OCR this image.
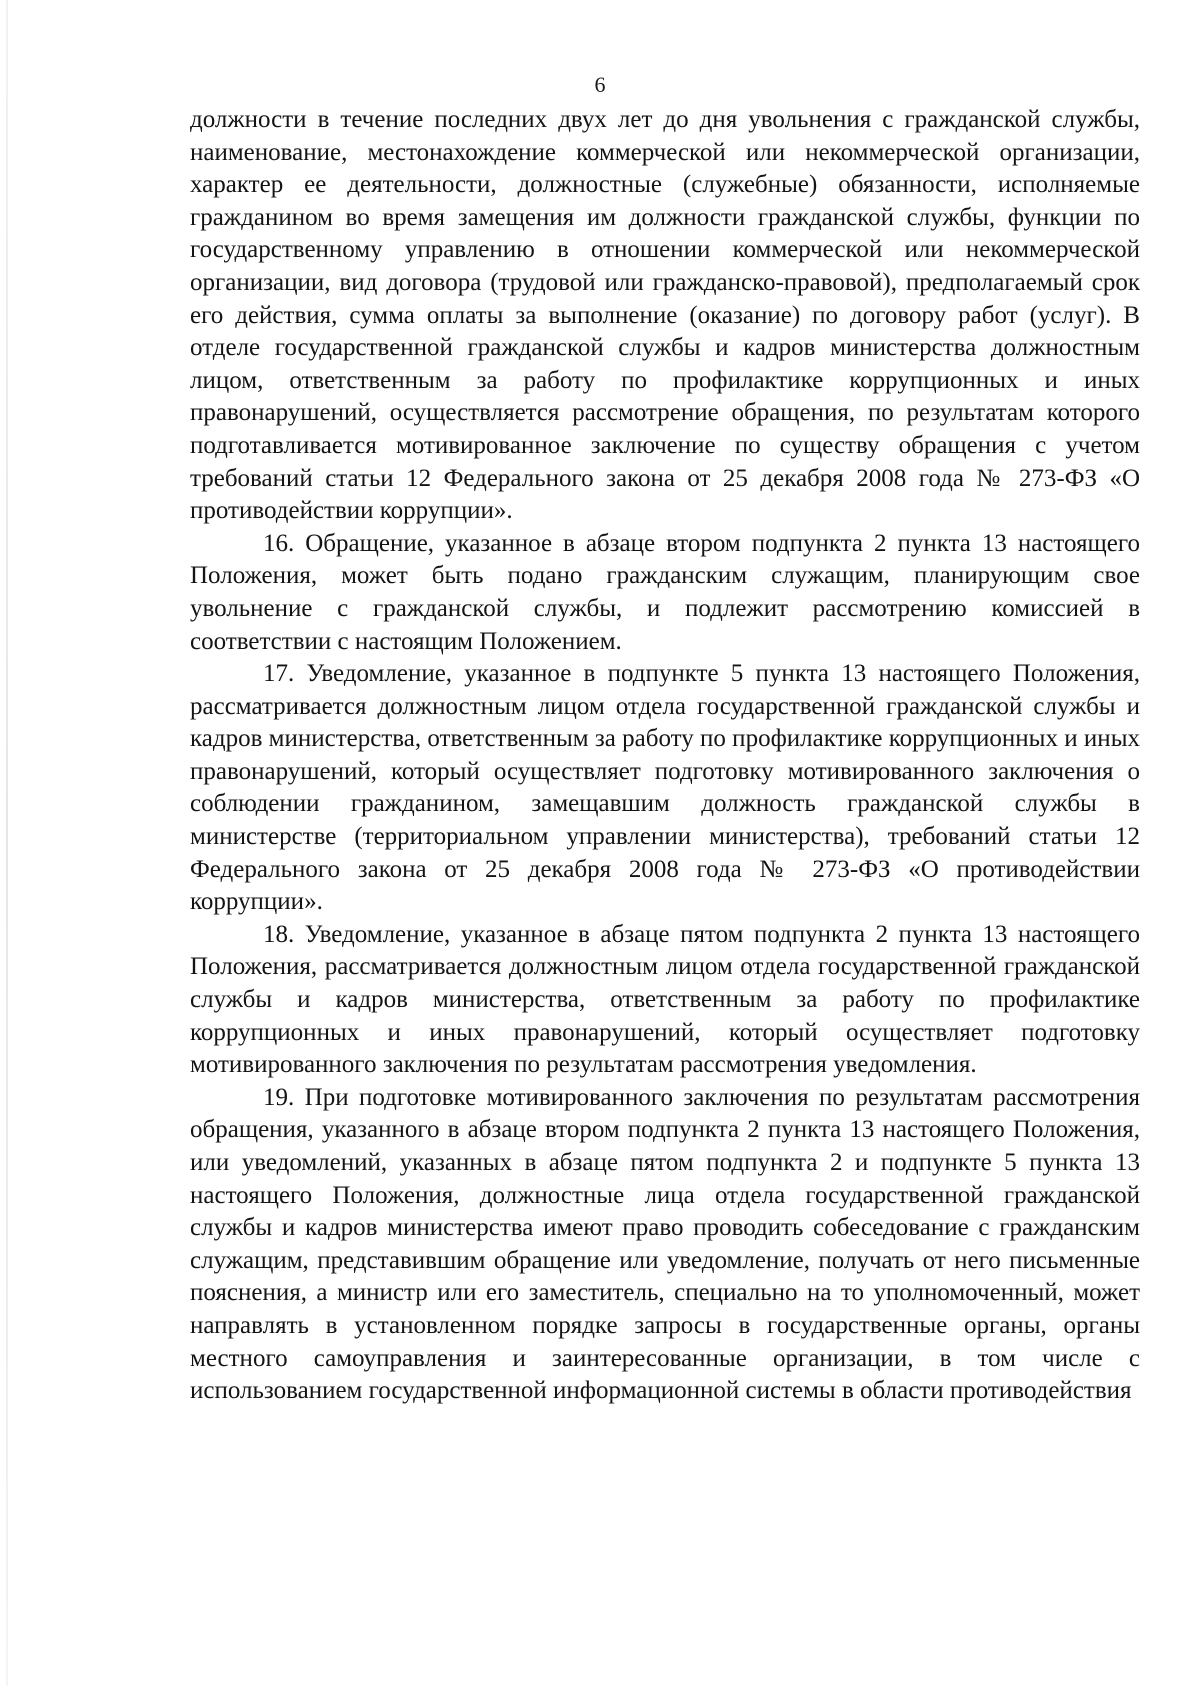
6

должности в течение последних двух лет до дня увольнения с гражданской службы, наименование, местонахождение коммерческой или некоммерческой организации, характер ее деятельности, должностные (служебные) обязанности, исполняемые гражданином во время замещения им должности гражданской службы, функции по государственному управлению в отношении коммерческой или некоммерческой организации, вид договора (трудовой или гражданско-правовой), предполагаемый срок его действия, сумма оплаты за выполнение (оказание) по договору работ (услуг). В отделе государственной гражданской службы и кадров министерства должностным лицом, ответственным за работу по профилактике коррупционных и иных правонарушений, осуществляется рассмотрение обращения, по результатам которого подготавливается мотивированное заключение по существу обращения с учетом требований статьи 12 Федерального закона от 25 декабря 2008 года № 273-ФЗ «О противодействии коррупции».

16. Обращение, указанное в абзаце втором подпункта 2 пункта 13 настоящего Положения, может быть подано гражданским служащим, планирующим свое увольнение с гражданской службы, и подлежит рассмотрению комиссией в соответствии с настоящим Положением.

17. Уведомление, указанное в подпункте 5 пункта 13 настоящего Положения, рассматривается должностным лицом отдела государственной гражданской службы и кадров министерства, ответственным за работу по профилактике коррупционных и иных правонарушений, который осуществляет подготовку мотивированного заключения о соблюдении гражданином, замещавшим должность гражданской службы в министерстве (территориальном управлении министерства), требований статьи 12 Федерального закона от 25 декабря 2008 года № 273-ФЗ «О противодействии коррупции».

18. Уведомление, указанное в абзаце пятом подпункта 2 пункта 13 настоящего Положения, рассматривается должностным лицом отдела государственной гражданской службы и кадров министерства, ответственным за работу по профилактике коррупционных и иных правонарушений, который осуществляет подготовку мотивированного заключения по результатам рассмотрения уведомления.

19. При подготовке мотивированного заключения по результатам рассмотрения обращения, указанного в абзаце втором подпункта 2 пункта 13 настоящего Положения, или уведомлений, указанных в абзаце пятом подпункта 2 и подпункте 5 пункта 13 настоящего Положения, должностные лица отдела государственной гражданской службы и кадров министерства имеют право проводить собеседование с гражданским служащим, представившим обращение или уведомление, получать от него письменные пояснения, а министр или его заместитель, специально на то уполномоченный, может направлять в установленном порядке запросы в государственные органы, органы местного самоуправления и заинтересованные организации, в том числе с использованием государственной информационной системы в области противодействия
